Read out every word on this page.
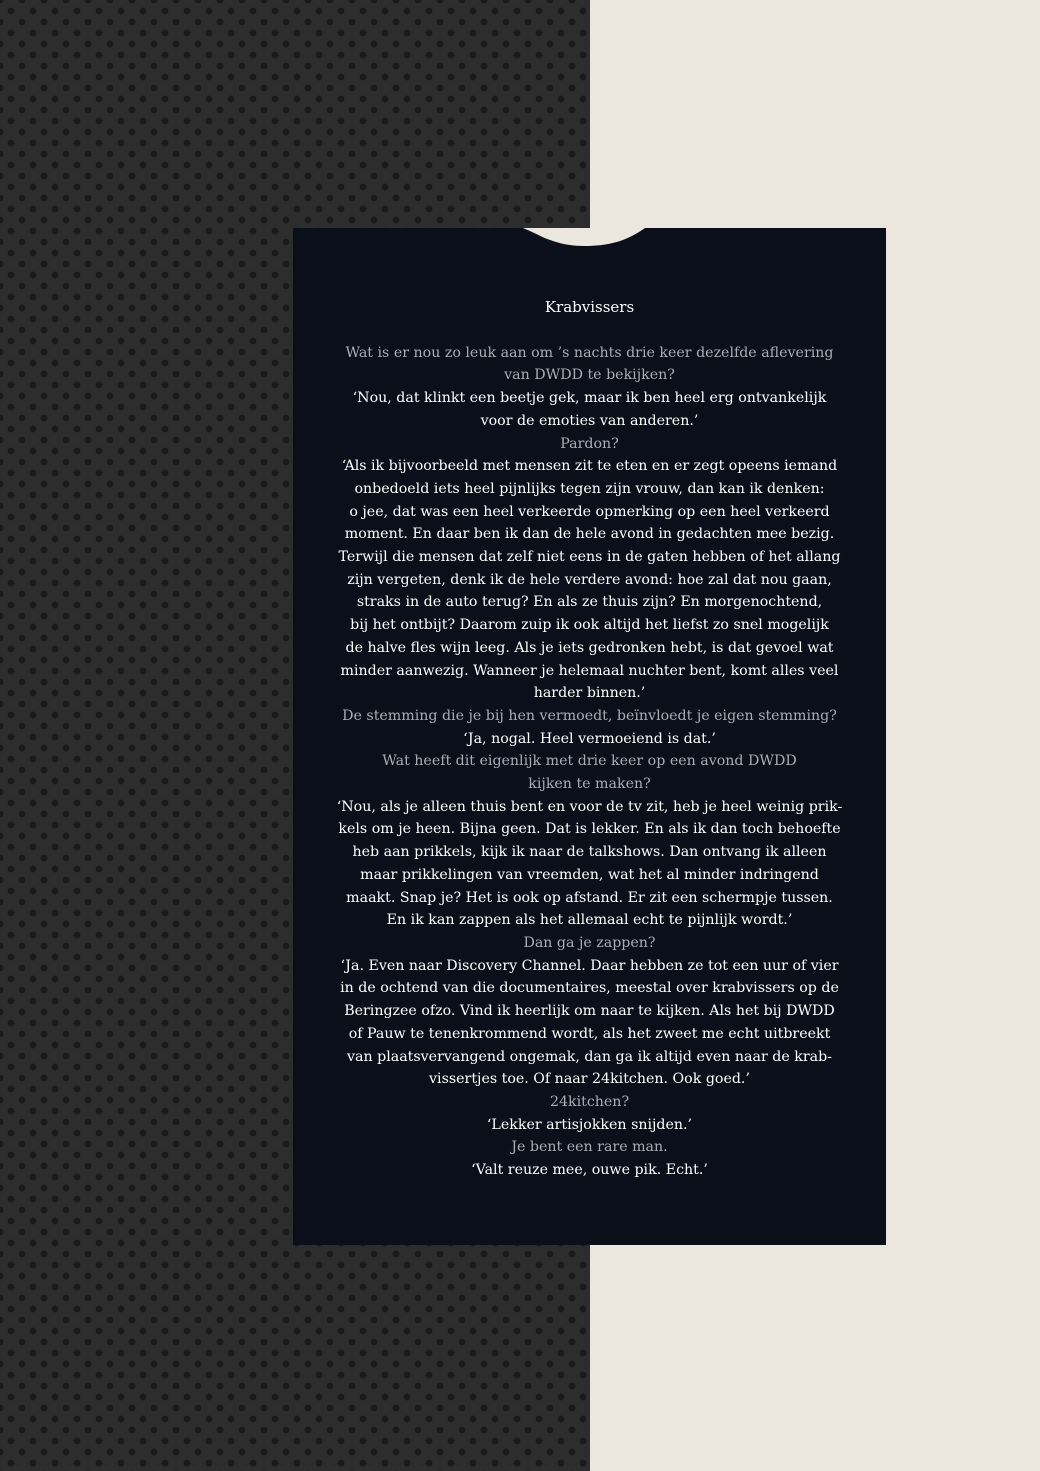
Krabvissers

Wat is er nou zo leuk aan om ’s nachts drie keer dezelfde aflevering
van DWDD te bekijken?

‘Nou, dat klinkt een beetje gek, maar ik ben heel erg ontvankelijk
voor de emoties van anderen.’

Pardon?

‘Als ik bijvoorbeeld met mensen zit te eten en er zegt opeens iemand
onbedoeld iets heel pijnlijks tegen zijn vrouw, dan kan ik denken:
o jee, dat was een heel verkeerde opmerking op een heel verkeerd
moment. En daar ben ik dan de hele avond in gedachten mee bezig.
Terwijl die mensen dat zelf niet eens in de gaten hebben of het allang
zijn vergeten, denk ik de hele verdere avond: hoe zal dat nou gaan,
straks in de auto terug? En als ze thuis zijn? En morgenochtend,
bij het ontbijt? Daarom zuip ik ook altijd het liefst zo snel mogelijk
de halve fles wijn leeg. Als je iets gedronken hebt, is dat gevoel wat
minder aanwezig. Wanneer je helemaal nuchter bent, komt alles veel
harder binnen.’

De stemming die je bij hen vermoedt, beïnvloedt je eigen stemming?

‘Ja, nogal. Heel vermoeiend is dat.’

Wat heeft dit eigenlijk met drie keer op een avond DWDD
kijken te maken?

‘Nou, als je alleen thuis bent en voor de tv zit, heb je heel weinig prik-
kels om je heen. Bijna geen. Dat is lekker. En als ik dan toch behoefte
heb aan prikkels, kijk ik naar de talkshows. Dan ontvang ik alleen
maar prikkelingen van vreemden, wat het al minder indringend
maakt. Snap je? Het is ook op afstand. Er zit een schermpje tussen.
En ik kan zappen als het allemaal echt te pijnlijk wordt.’

Dan ga je zappen?

‘Ja. Even naar Discovery Channel. Daar hebben ze tot een uur of vier
in de ochtend van die documentaires, meestal over krabvissers op de
Beringzee ofzo. Vind ik heerlijk om naar te kijken. Als het bij DWDD
of Pauw te tenenkrommend wordt, als het zweet me echt uitbreekt
van plaatsvervangend ongemak, dan ga ik altijd even naar de krab-
vissertjes toe. Of naar 24kitchen. Ook goed.’

24kitchen?

‘Lekker artisjokken snijden.’

Je bent een rare man.

‘Valt reuze mee, ouwe pik. Echt.’
